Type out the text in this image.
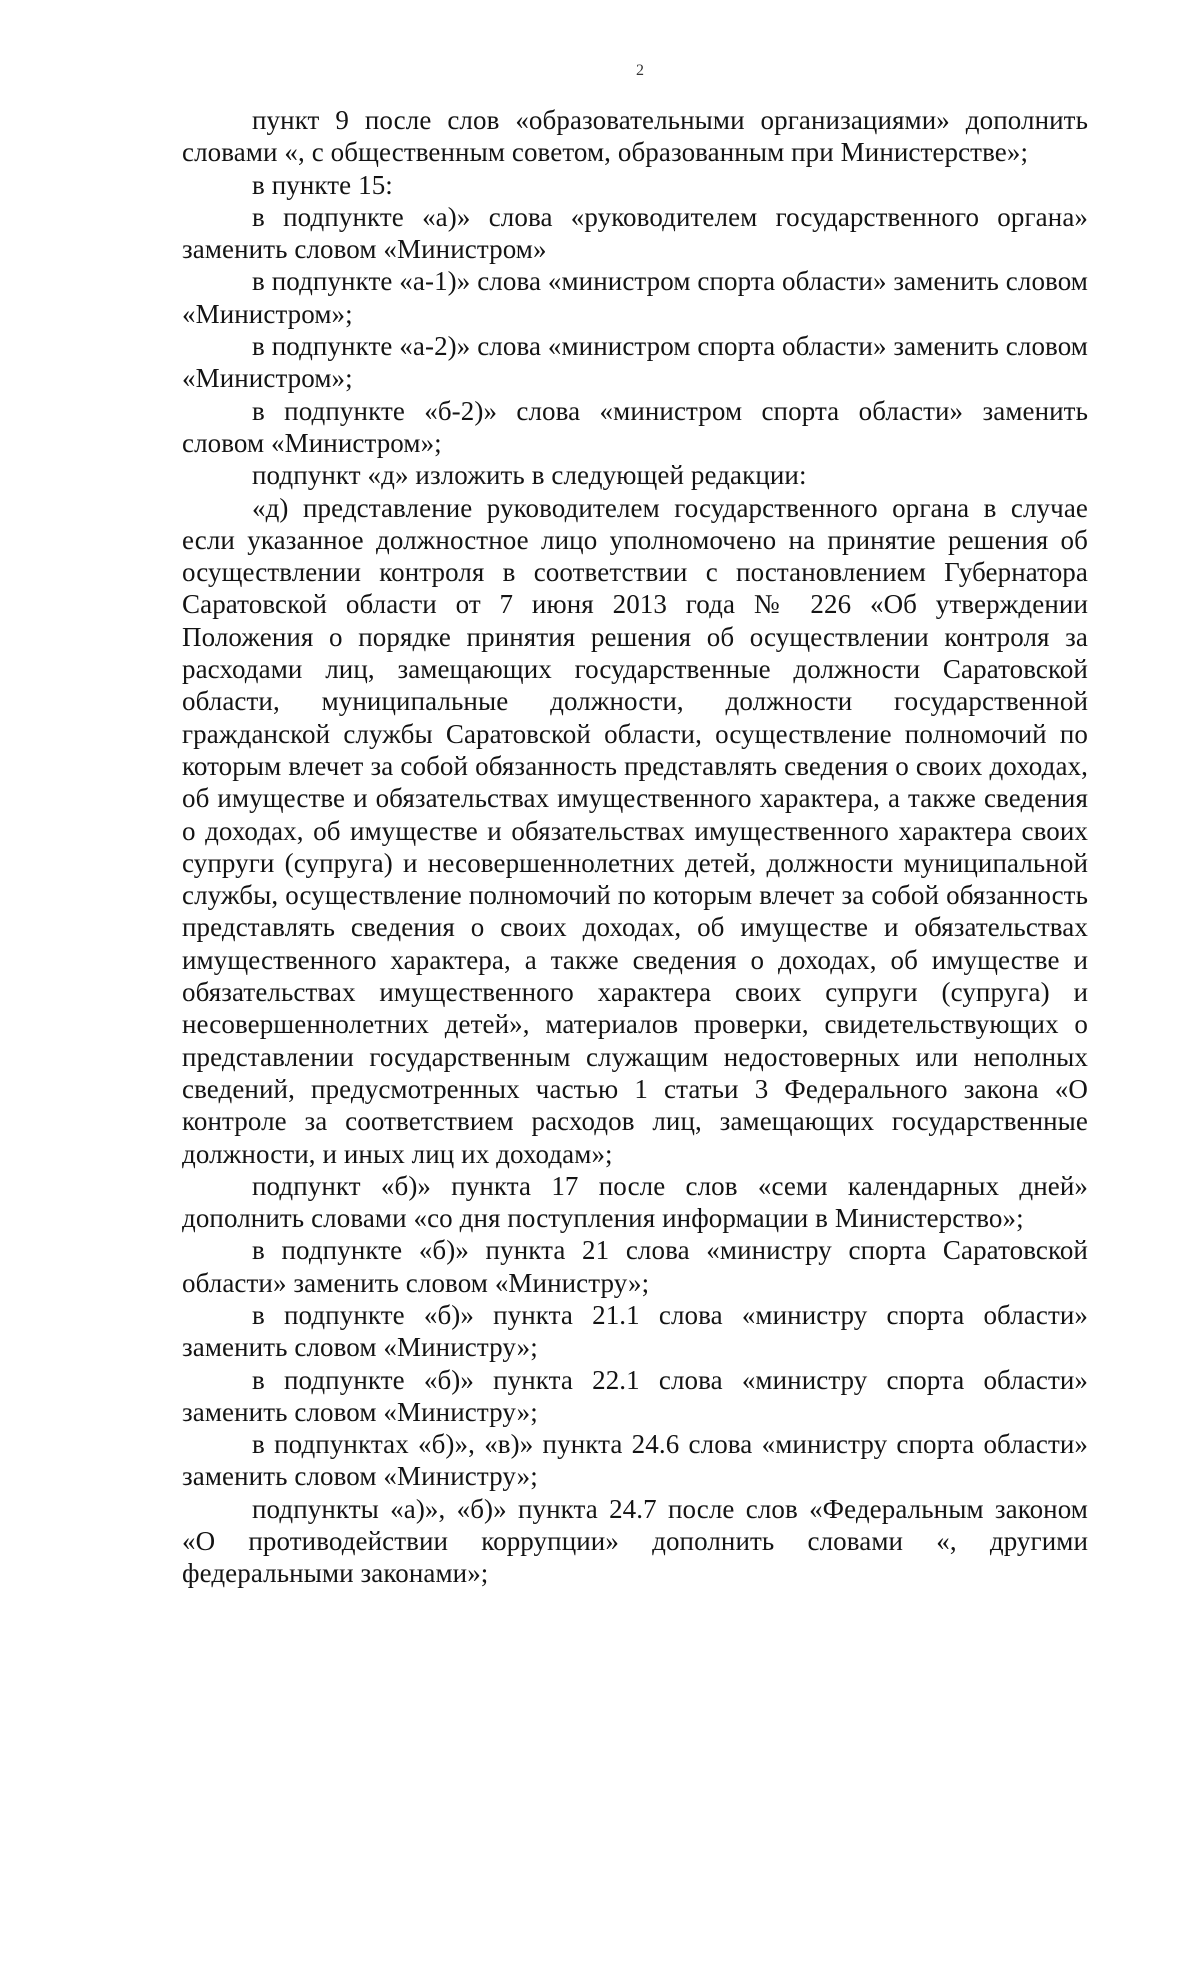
2

пункт 9 после слов «образовательными организациями» дополнить словами «, с общественным советом, образованным при Министерстве»;

в пункте 15:

в подпункте «а)» слова «руководителем государственного органа» заменить словом «Министром»

в подпункте «а-1)» слова «министром спорта области» заменить словом «Министром»;

в подпункте «а-2)» слова «министром спорта области» заменить словом «Министром»;

в подпункте «б-2)» слова «министром спорта области» заменить словом «Министром»;

подпункт «д» изложить в следующей редакции:

«д) представление руководителем государственного органа в случае если указанное должностное лицо уполномочено на принятие решения об осуществлении контроля в соответствии с постановлением Губернатора Саратовской области от 7 июня 2013 года № 226 «Об утверждении Положения о порядке принятия решения об осуществлении контроля за расходами лиц, замещающих государственные должности Саратовской области, муниципальные должности, должности государственной гражданской службы Саратовской области, осуществление полномочий по которым влечет за собой обязанность представлять сведения о своих доходах, об имуществе и обязательствах имущественного характера, а также сведения о доходах, об имуществе и обязательствах имущественного характера своих супруги (супруга) и несовершеннолетних детей, должности муниципальной службы, осуществление полномочий по которым влечет за собой обязанность представлять сведения о своих доходах, об имуществе и обязательствах имущественного характера, а также сведения о доходах, об имуществе и обязательствах имущественного характера своих супруги (супруга) и несовершеннолетних детей», материалов проверки, свидетельствующих о представлении государственным служащим недостоверных или неполных сведений, предусмотренных частью 1 статьи 3 Федерального закона «О контроле за соответствием расходов лиц, замещающих государственные должности, и иных лиц их доходам»;

подпункт «б)» пункта 17 после слов «семи календарных дней» дополнить словами «со дня поступления информации в Министерство»;

в подпункте «б)» пункта 21 слова «министру спорта Саратовской области» заменить словом «Министру»;

в подпункте «б)» пункта 21.1 слова «министру спорта области» заменить словом «Министру»;

в подпункте «б)» пункта 22.1 слова «министру спорта области» заменить словом «Министру»;

в подпунктах «б)», «в)» пункта 24.6 слова «министру спорта области» заменить словом «Министру»;

подпункты «а)», «б)» пункта 24.7 после слов «Федеральным законом «О противодействии коррупции» дополнить словами «, другими федеральными законами»;
